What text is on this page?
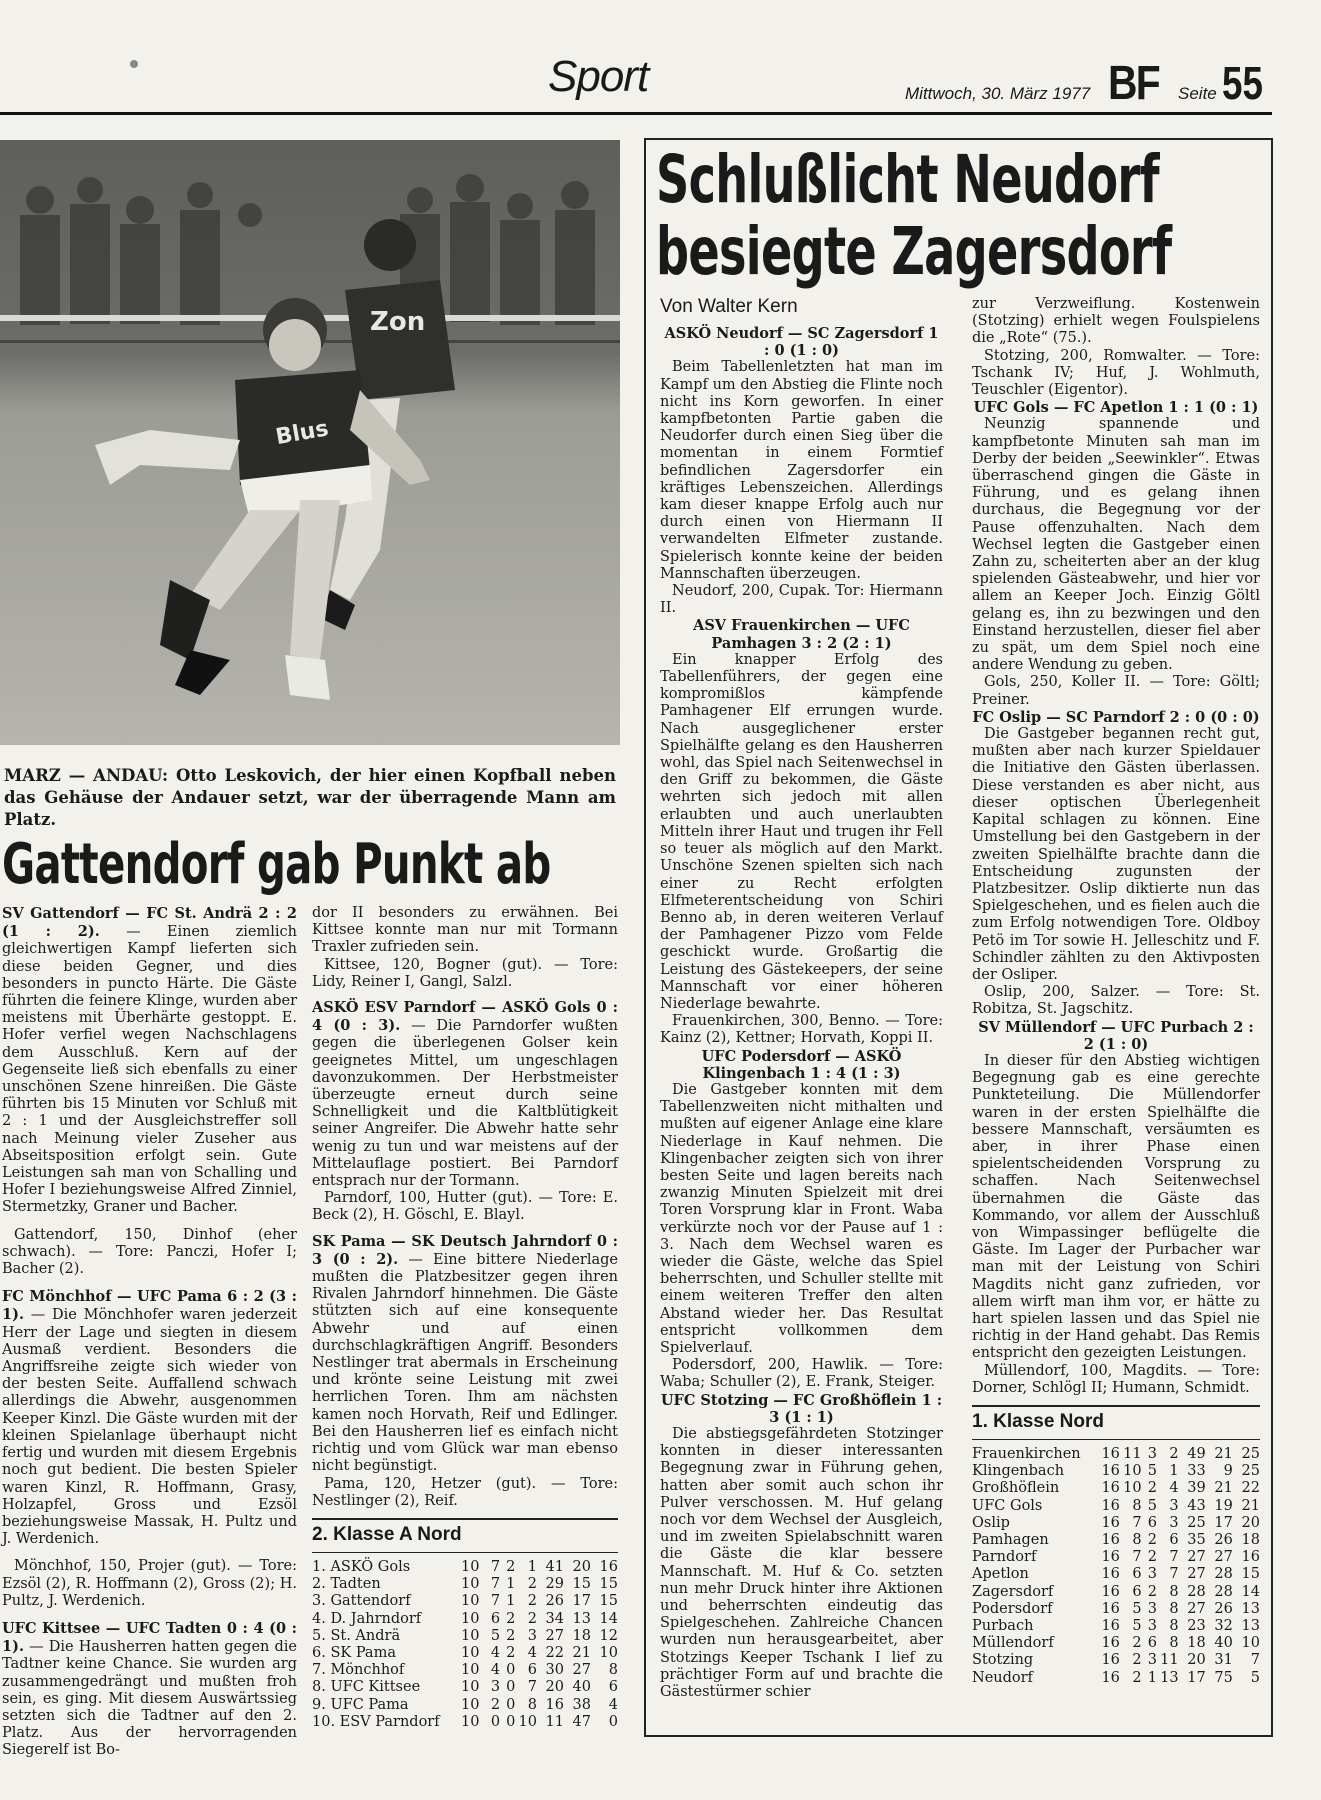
Sport	Mittwoch, 30. März 1977 BF Seite 55
Zon
Blus
MARZ — ANDAU: Otto Leskovich, der hier einen Kopfball neben das Gehäuse der Andauer setzt, war der überragende Mann am Platz.
Gattendorf gab Punkt ab

SV Gattendorf — FC St. Andrä 2 : 2 (1 : 2). — Einen ziemlich gleichwertigen Kampf lieferten sich diese beiden Gegner, und dies besonders in puncto Härte. Die Gäste führten die feinere Klinge, wurden aber meistens mit Überhärte gestoppt. E. Hofer verfiel wegen Nachschlagens dem Ausschluß. Kern auf der Gegenseite ließ sich ebenfalls zu einer unschönen Szene hinreißen. Die Gäste führten bis 15 Minuten vor Schluß mit 2 : 1 und der Ausgleichstreffer soll nach Meinung vieler Zuseher aus Abseitsposition erfolgt sein. Gute Leistungen sah man von Schalling und Hofer I beziehungsweise Alfred Zinniel, Stermetzky, Graner und Bacher.

Gattendorf, 150, Dinhof (eher schwach). — Tore: Panczi, Hofer I; Bacher (2).

FC Mönchhof — UFC Pama 6 : 2 (3 : 1). — Die Mönchhofer waren jederzeit Herr der Lage und siegten in diesem Ausmaß verdient. Besonders die Angriffsreihe zeigte sich wieder von der besten Seite. Auffallend schwach allerdings die Abwehr, ausgenommen Keeper Kinzl. Die Gäste wurden mit der kleinen Spielanlage überhaupt nicht fertig und wurden mit diesem Ergebnis noch gut bedient. Die besten Spieler waren Kinzl, R. Hoffmann, Grasy, Holzapfel, Gross und Ezsöl beziehungsweise Massak, H. Pultz und J. Werdenich.

Mönchhof, 150, Projer (gut). — Tore: Ezsöl (2), R. Hoffmann (2), Gross (2); H. Pultz, J. Werdenich.

UFC Kittsee — UFC Tadten 0 : 4 (0 : 1). — Die Hausherren hatten gegen die Tadtner keine Chance. Sie wurden arg zusammengedrängt und mußten froh sein, es ging. Mit diesem Auswärtssieg setzten sich die Tadtner auf den 2. Platz. Aus der hervorragenden Siegerelf ist Bo-

dor II besonders zu erwähnen. Bei Kittsee konnte man nur mit Tormann Traxler zufrieden sein.

Kittsee, 120, Bogner (gut). — Tore: Lidy, Reiner I, Gangl, Salzl.

ASKÖ ESV Parndorf — ASKÖ Gols 0 : 4 (0 : 3). — Die Parndorfer wußten gegen die überlegenen Golser kein geeignetes Mittel, um ungeschlagen davonzukommen. Der Herbstmeister überzeugte erneut durch seine Schnelligkeit und die Kaltblütigkeit seiner Angreifer. Die Abwehr hatte sehr wenig zu tun und war meistens auf der Mittelauflage postiert. Bei Parndorf entsprach nur der Tormann.

Parndorf, 100, Hutter (gut). — Tore: E. Beck (2), H. Göschl, E. Blayl.

SK Pama — SK Deutsch Jahrndorf 0 : 3 (0 : 2). — Eine bittere Niederlage mußten die Platzbesitzer gegen ihren Rivalen Jahrndorf hinnehmen. Die Gäste stützten sich auf eine konsequente Abwehr und auf einen durchschlagkräftigen Angriff. Besonders Nestlinger trat abermals in Erscheinung und krönte seine Leistung mit zwei herrlichen Toren. Ihm am nächsten kamen noch Horvath, Reif und Edlinger. Bei den Hausherren lief es einfach nicht richtig und vom Glück war man ebenso nicht begünstigt.

Pama, 120, Hetzer (gut). — Tore: Nestlinger (2), Reif.

2. Klasse A Nord
1. ASKÖ Gols	10	7	2	1	41	20	16
2. Tadten	10	7	1	2	29	15	15
3. Gattendorf	10	7	1	2	26	17	15
4. D. Jahrndorf	10	6	2	2	34	13	14
5. St. Andrä	10	5	2	3	27	18	12
6. SK Pama	10	4	2	4	22	21	10
7. Mönchhof	10	4	0	6	30	27	8
8. UFC Kittsee	10	3	0	7	20	40	6
9. UFC Pama	10	2	0	8	16	38	4
10. ESV Parndorf	10	0	0	10	11	47	0
Schlußlicht Neudorf
besiegte Zagersdorf
Von Walter Kern

ASKÖ Neudorf — SC Zagersdorf 1 : 0 (1 : 0)

Beim Tabellenletzten hat man im Kampf um den Abstieg die Flinte noch nicht ins Korn geworfen. In einer kampfbetonten Partie gaben die Neudorfer durch einen Sieg über die momentan in einem Formtief befindlichen Zagersdorfer ein kräftiges Lebenszeichen. Allerdings kam dieser knappe Erfolg auch nur durch einen von Hiermann II verwandelten Elfmeter zustande. Spielerisch konnte keine der beiden Mannschaften überzeugen.

Neudorf, 200, Cupak. Tor: Hiermann II.

ASV Frauenkirchen — UFC Pamhagen 3 : 2 (2 : 1)

Ein knapper Erfolg des Tabellenführers, der gegen eine kompromißlos kämpfende Pamhagener Elf errungen wurde. Nach ausgeglichener erster Spielhälfte gelang es den Hausherren wohl, das Spiel nach Seitenwechsel in den Griff zu bekommen, die Gäste wehrten sich jedoch mit allen erlaubten und auch unerlaubten Mitteln ihrer Haut und trugen ihr Fell so teuer als möglich auf den Markt. Unschöne Szenen spielten sich nach einer zu Recht erfolgten Elfmeterentscheidung von Schiri Benno ab, in deren weiteren Verlauf der Pamhagener Pizzo vom Felde geschickt wurde. Großartig die Leistung des Gästekeepers, der seine Mannschaft vor einer höheren Niederlage bewahrte.

Frauenkirchen, 300, Benno. — Tore: Kainz (2), Kettner; Horvath, Koppi II.

UFC Podersdorf — ASKÖ Klingenbach 1 : 4 (1 : 3)

Die Gastgeber konnten mit dem Tabellenzweiten nicht mithalten und mußten auf eigener Anlage eine klare Niederlage in Kauf nehmen. Die Klingenbacher zeigten sich von ihrer besten Seite und lagen bereits nach zwanzig Minuten Spielzeit mit drei Toren Vorsprung klar in Front. Waba verkürzte noch vor der Pause auf 1 : 3. Nach dem Wechsel waren es wieder die Gäste, welche das Spiel beherrschten, und Schuller stellte mit einem weiteren Treffer den alten Abstand wieder her. Das Resultat entspricht vollkommen dem Spielverlauf.

Podersdorf, 200, Hawlik. — Tore: Waba; Schuller (2), E. Frank, Steiger.

UFC Stotzing — FC Großhöflein 1 : 3 (1 : 1)

Die abstiegsgefährdeten Stotzinger konnten in dieser interessanten Begegnung zwar in Führung gehen, hatten aber somit auch schon ihr Pulver verschossen. M. Huf gelang noch vor dem Wechsel der Ausgleich, und im zweiten Spielabschnitt waren die Gäste die klar bessere Mannschaft. M. Huf & Co. setzten nun mehr Druck hinter ihre Aktionen und beherrschten eindeutig das Spielgeschehen. Zahlreiche Chancen wurden nun herausgearbeitet, aber Stotzings Keeper Tschank I lief zu prächtiger Form auf und brachte die Gästestürmer schier

zur Verzweiflung. Kostenwein (Stotzing) erhielt wegen Foulspielens die „Rote“ (75.).

Stotzing, 200, Romwalter. — Tore: Tschank IV; Huf, J. Wohlmuth, Teuschler (Eigentor).

UFC Gols — FC Apetlon 1 : 1 (0 : 1)

Neunzig spannende und kampfbetonte Minuten sah man im Derby der beiden „Seewinkler“. Etwas überraschend gingen die Gäste in Führung, und es gelang ihnen durchaus, die Begegnung vor der Pause offenzuhalten. Nach dem Wechsel legten die Gastgeber einen Zahn zu, scheiterten aber an der klug spielenden Gästeabwehr, und hier vor allem an Keeper Joch. Einzig Göltl gelang es, ihn zu bezwingen und den Einstand herzustellen, dieser fiel aber zu spät, um dem Spiel noch eine andere Wendung zu geben.

Gols, 250, Koller II. — Tore: Göltl; Preiner.

FC Oslip — SC Parndorf 2 : 0 (0 : 0)

Die Gastgeber begannen recht gut, mußten aber nach kurzer Spieldauer die Initiative den Gästen überlassen. Diese verstanden es aber nicht, aus dieser optischen Überlegenheit Kapital schlagen zu können. Eine Umstellung bei den Gastgebern in der zweiten Spielhälfte brachte dann die Entscheidung zugunsten der Platzbesitzer. Oslip diktierte nun das Spielgeschehen, und es fielen auch die zum Erfolg notwendigen Tore. Oldboy Petö im Tor sowie H. Jelleschitz und F. Schindler zählten zu den Aktivposten der Osliper.

Oslip, 200, Salzer. — Tore: St. Robitza, St. Jagschitz.

SV Müllendorf — UFC Purbach 2 : 2 (1 : 0)

In dieser für den Abstieg wichtigen Begegnung gab es eine gerechte Punkteteilung. Die Müllendorfer waren in der ersten Spielhälfte die bessere Mannschaft, versäumten es aber, in ihrer Phase einen spielentscheidenden Vorsprung zu schaffen. Nach Seitenwechsel übernahmen die Gäste das Kommando, vor allem der Ausschluß von Wimpassinger beflügelte die Gäste. Im Lager der Purbacher war man mit der Leistung von Schiri Magdits nicht ganz zufrieden, vor allem wirft man ihm vor, er hätte zu hart spielen lassen und das Spiel nie richtig in der Hand gehabt. Das Remis entspricht den gezeigten Leistungen.

Müllendorf, 100, Magdits. — Tore: Dorner, Schlögl II; Humann, Schmidt.

1. Klasse Nord
Frauenkirchen	16	11	3	2	49	21	25
Klingenbach	16	10	5	1	33	9	25
Großhöflein	16	10	2	4	39	21	22
UFC Gols	16	8	5	3	43	19	21
Oslip	16	7	6	3	25	17	20
Pamhagen	16	8	2	6	35	26	18
Parndorf	16	7	2	7	27	27	16
Apetlon	16	6	3	7	27	28	15
Zagersdorf	16	6	2	8	28	28	14
Podersdorf	16	5	3	8	27	26	13
Purbach	16	5	3	8	23	32	13
Müllendorf	16	2	6	8	18	40	10
Stotzing	16	2	3	11	20	31	7
Neudorf	16	2	1	13	17	75	5
